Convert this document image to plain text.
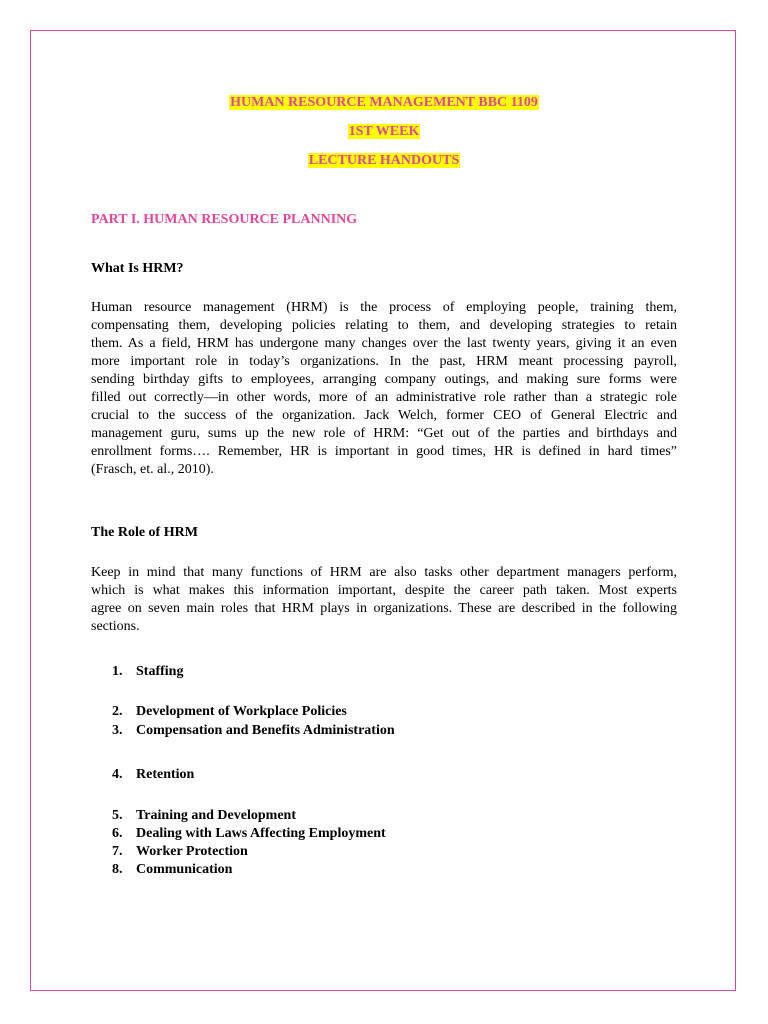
HUMAN RESOURCE MANAGEMENT BBC 1109
1ST WEEK
LECTURE HANDOUTS
PART I. HUMAN RESOURCE PLANNING
What Is HRM?
Human resource management (HRM) is the process of employing people, training them,
compensating them, developing policies relating to them, and developing strategies to retain
them. As a field, HRM has undergone many changes over the last twenty years, giving it an even
more important role in today’s organizations. In the past, HRM meant processing payroll,
sending birthday gifts to employees, arranging company outings, and making sure forms were
filled out correctly—in other words, more of an administrative role rather than a strategic role
crucial to the success of the organization. Jack Welch, former CEO of General Electric and
management guru, sums up the new role of HRM: “Get out of the parties and birthdays and
enrollment forms…. Remember, HR is important in good times, HR is defined in hard times”
(Frasch, et. al., 2010).
The Role of HRM
Keep in mind that many functions of HRM are also tasks other department managers perform,
which is what makes this information important, despite the career path taken. Most experts
agree on seven main roles that HRM plays in organizations. These are described in the following
sections.
1. Staffing
2. Development of Workplace Policies
3. Compensation and Benefits Administration
4. Retention
5. Training and Development
6. Dealing with Laws Affecting Employment
7. Worker Protection
8. Communication
